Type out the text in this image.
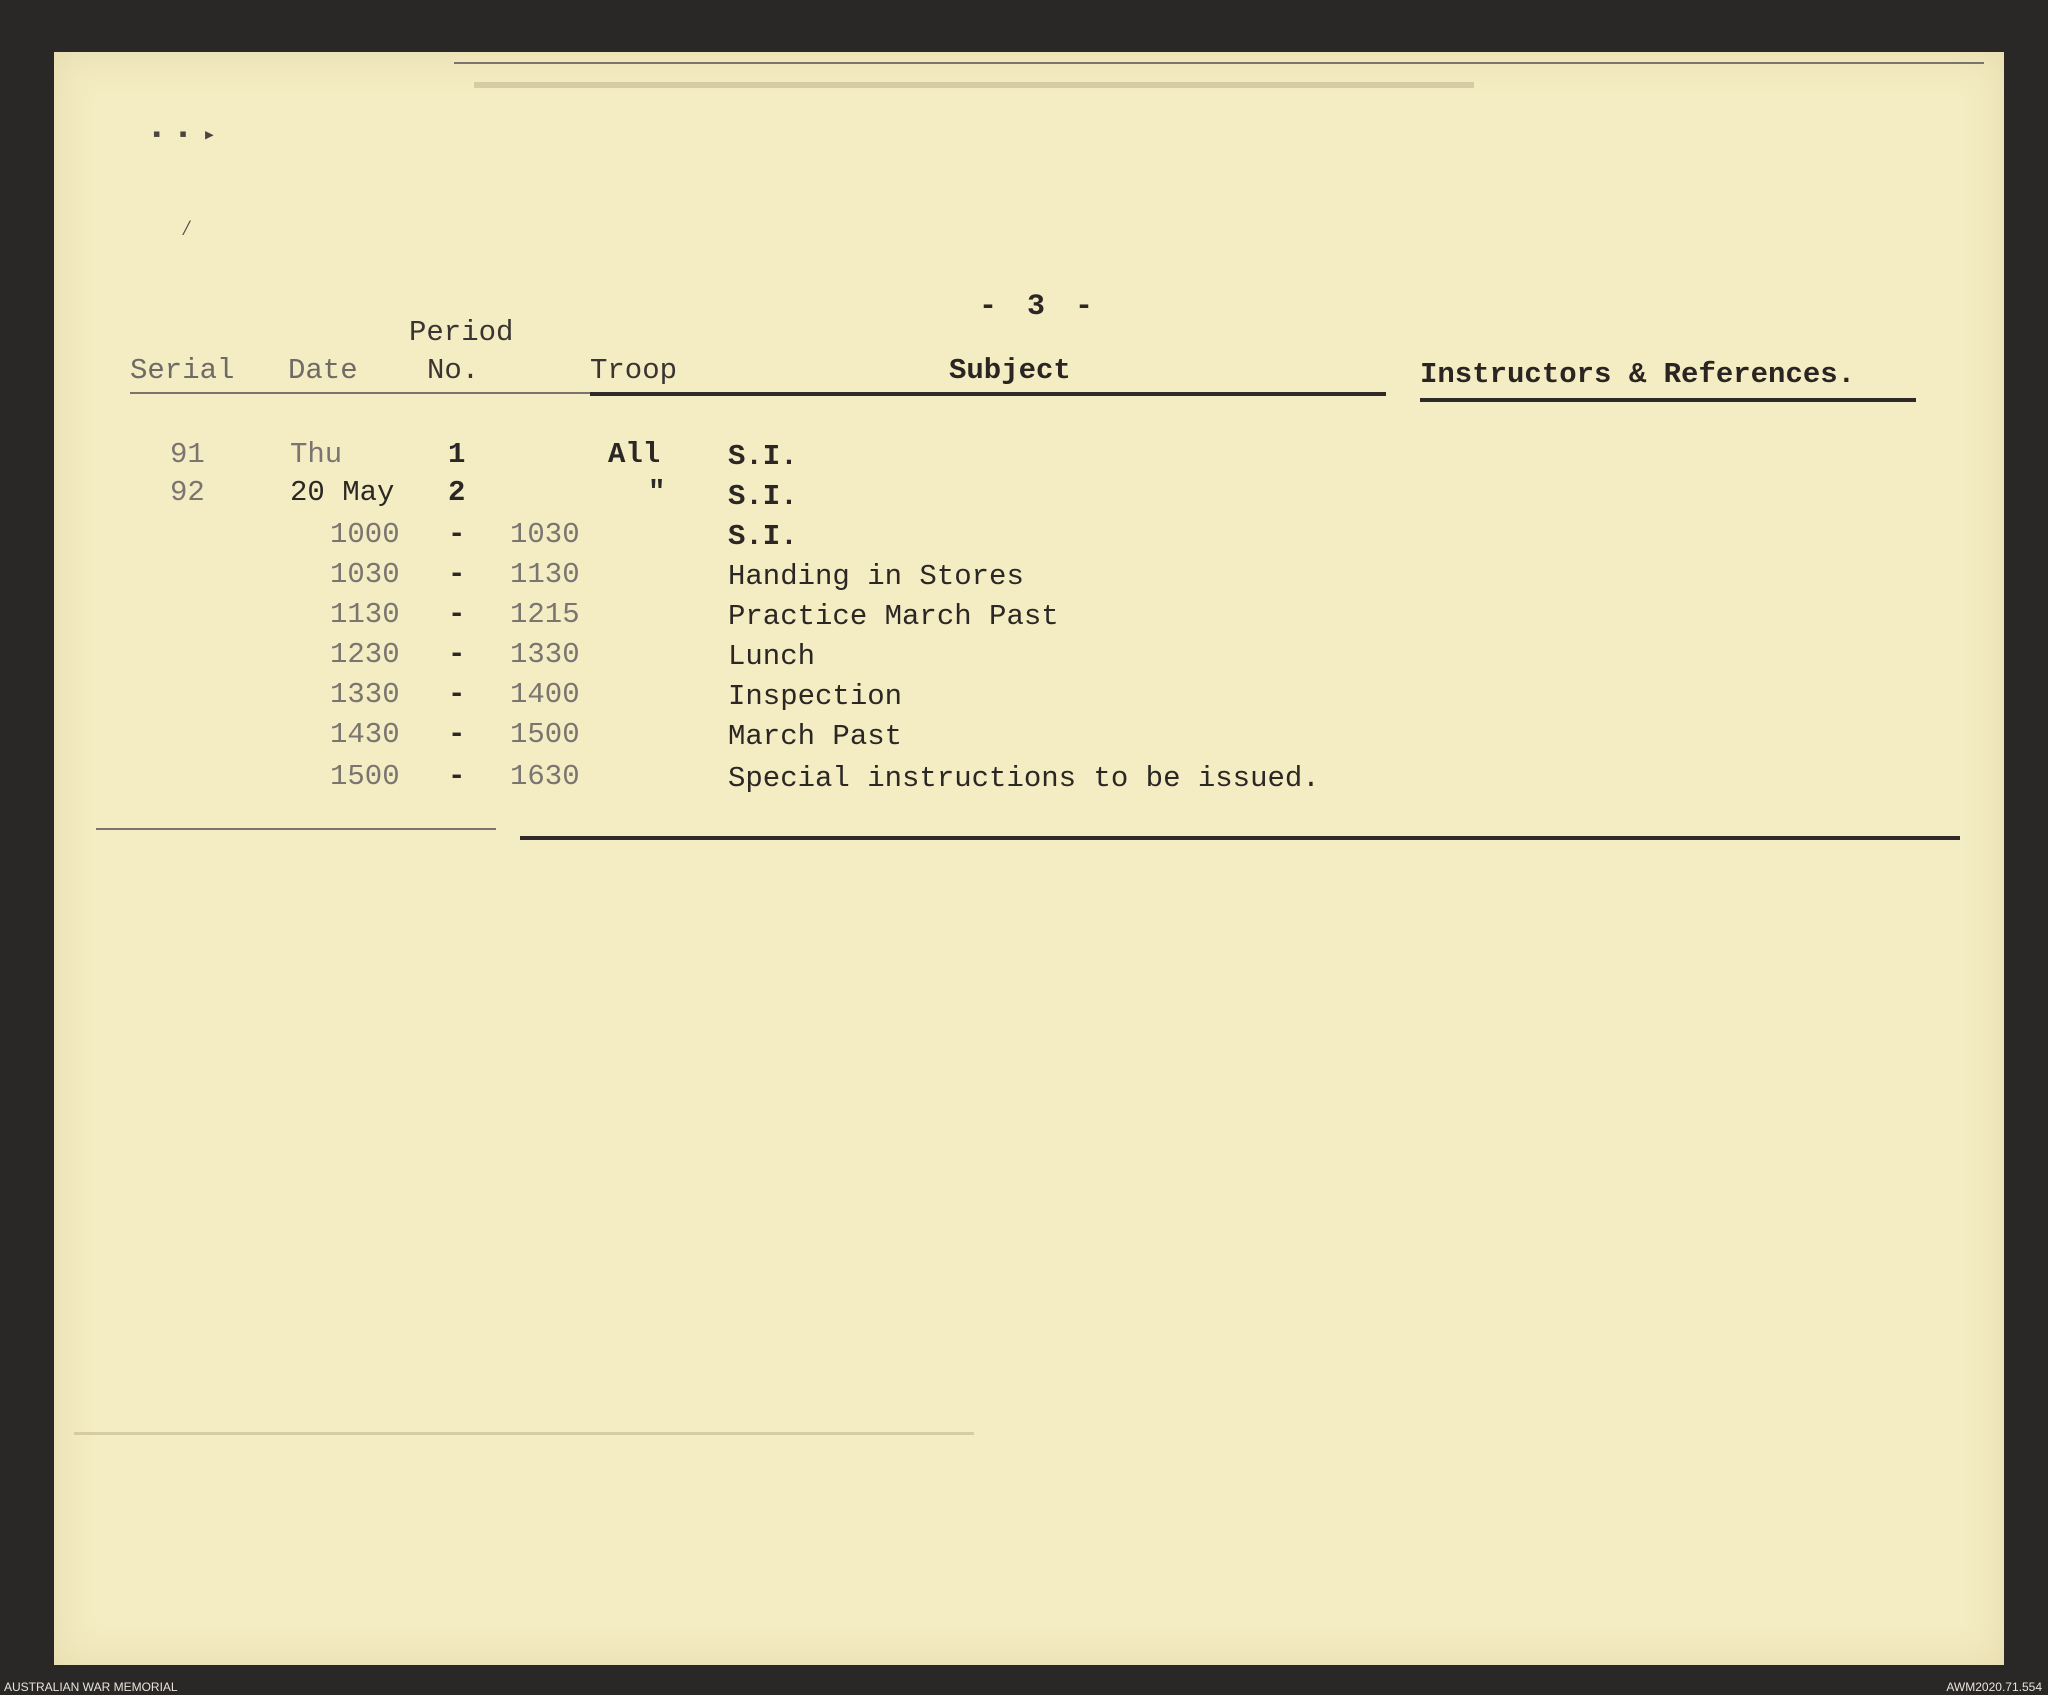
▪ ▪ ▸
⁄
- 3 -
Period
Serial Date No.	Troop	Subject	Instructors & References.
91	Thu	1	All S.I.
92	20 May 2	" S.I.
1000 - 1030	S.I.
1030 - 1130	Handing in Stores
1130 - 1215	Practice March Past
1230 - 1330	Lunch
1330 - 1400	Inspection
1430 - 1500	March Past
1500 - 1630	Special instructions to be issued.
AUSTRALIAN WAR MEMORIAL	AWM2020.71.554
